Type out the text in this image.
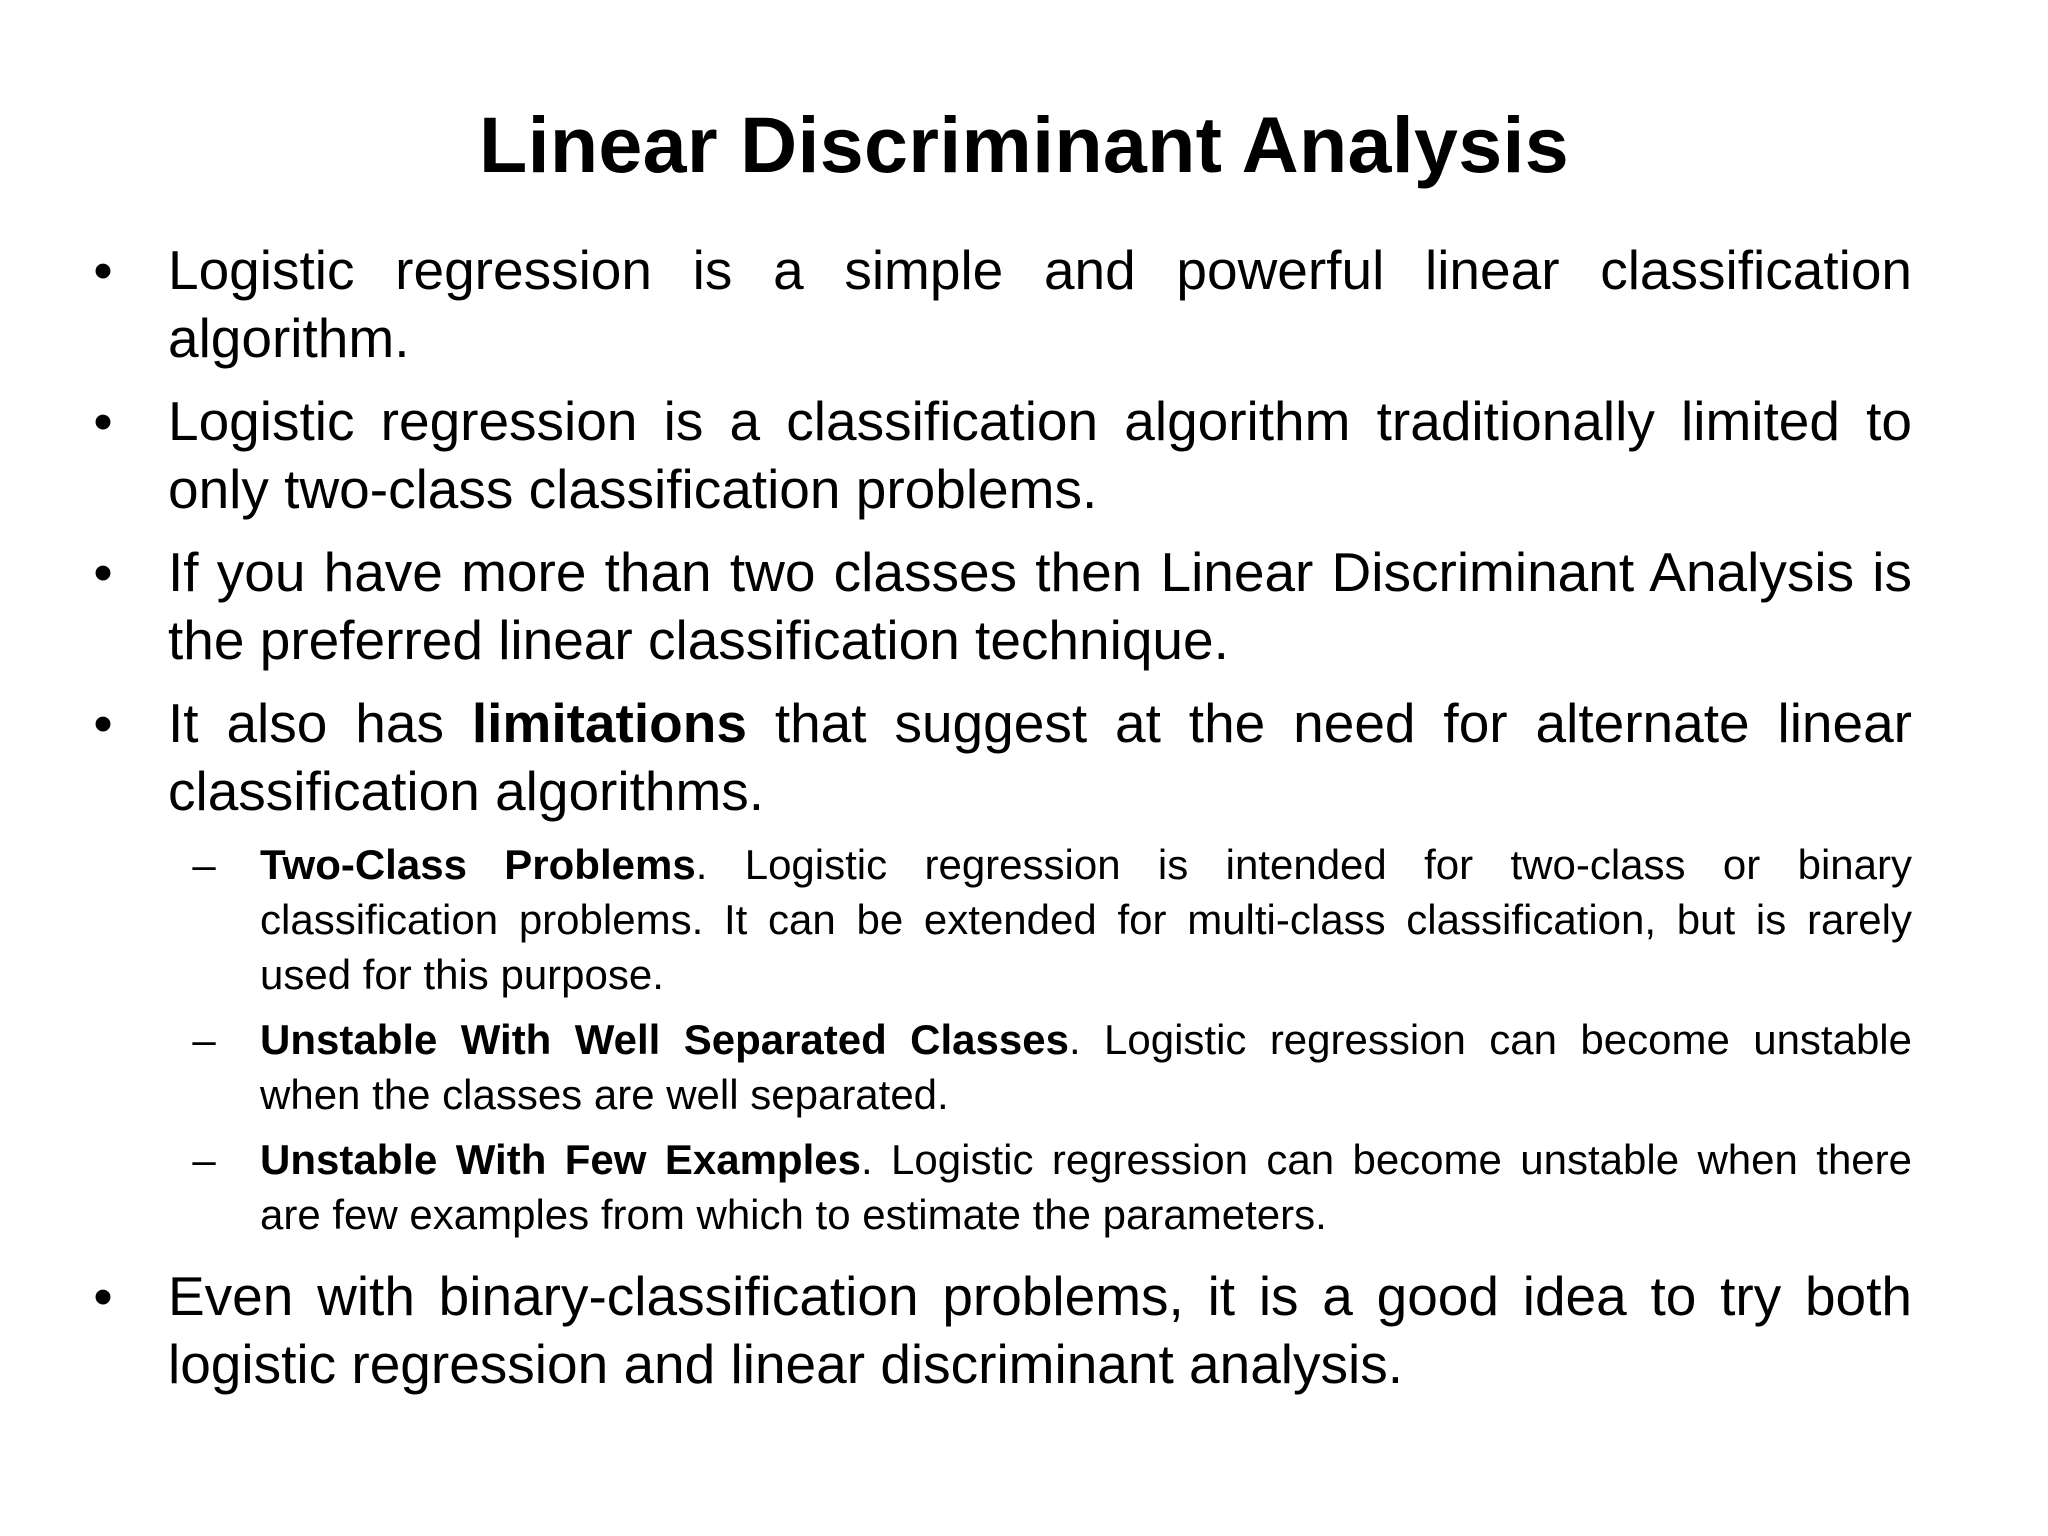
Linear Discriminant Analysis
• Logistic regression is a simple and powerful linear classification algorithm.
• Logistic regression is a classification algorithm traditionally limited to only two-class classification problems.
• If you have more than two classes then Linear Discriminant Analysis is the preferred linear classification technique.
• It also has limitations that suggest at the need for alternate linear classification algorithms.
– Two-Class Problems. Logistic regression is intended for two-class or binary classification problems. It can be extended for multi-class classification, but is rarely used for this purpose.
– Unstable With Well Separated Classes. Logistic regression can become unstable when the classes are well separated.
– Unstable With Few Examples. Logistic regression can become unstable when there are few examples from which to estimate the parameters.
• Even with binary-classification problems, it is a good idea to try both logistic regression and linear discriminant analysis.
